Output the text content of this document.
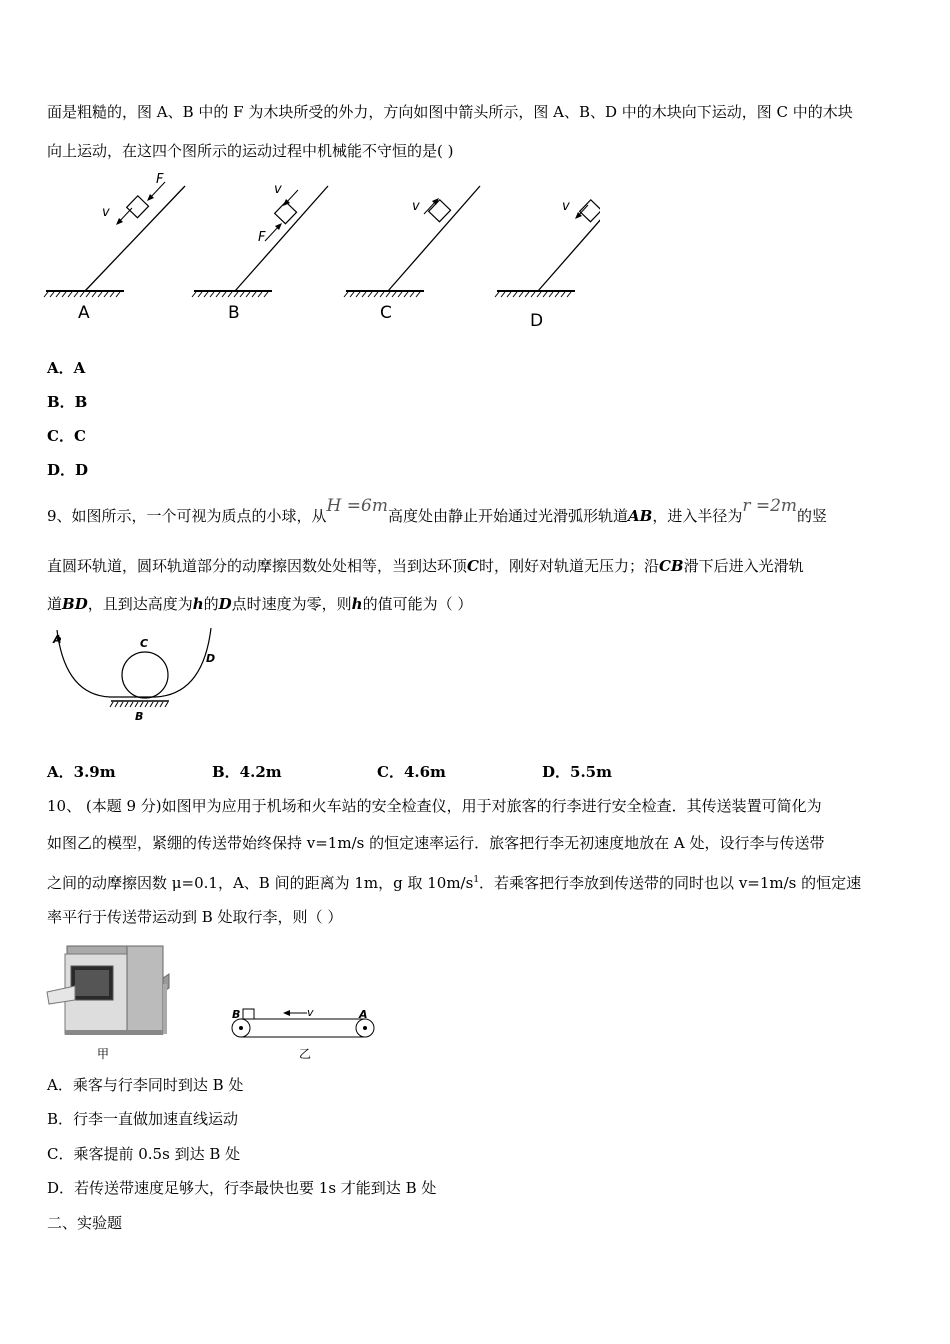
面是粗糙的，图 A、B 中的 F 为木块所受的外力，方向如图中箭头所示，图 A、B、D 中的木块向下运动，图 C 中的木块
向上运动，在这四个图所示的运动过程中机械能不守恒的是( )
F
v
A
v
F
B
v
C
v
D
A．A
B．B
C．C
D．D
9、如图所示，一个可视为质点的小球，从H =6m高度处由静止开始通过光滑弧形轨道AB，进入半径为r =2m的竖
直圆环轨道，圆环轨道部分的动摩擦因数处处相等，当到达环顶C时，刚好对轨道无压力；沿CB滑下后进入光滑轨
道BD，且到达高度为h的D点时速度为零，则h的值可能为（ ）
A	C
D
B
A．3.9m	B．4.2m	C．4.6m	D．5.5m
10、 (本题 9 分)如图甲为应用于机场和火车站的安全检查仪，用于对旅客的行李进行安全检查．其传送装置可简化为
如图乙的模型，紧绷的传送带始终保持 v=1m/s 的恒定速率运行．旅客把行李无初速度地放在 A 处，设行李与传送带
之间的动摩擦因数 μ=0.1，A、B 间的距离为 1m，g 取 $10m/s^1$．若乘客把行李放到传送带的同时也以 v=1m/s 的恒定速
率平行于传送带运动到 B 处取行李，则（ ）
甲
B	A
v
乙
A．乘客与行李同时到达 B 处
B．行李一直做加速直线运动
C．乘客提前 0.5s 到达 B 处
D．若传送带速度足够大，行李最快也要 1s 才能到达 B 处
二、实验题
